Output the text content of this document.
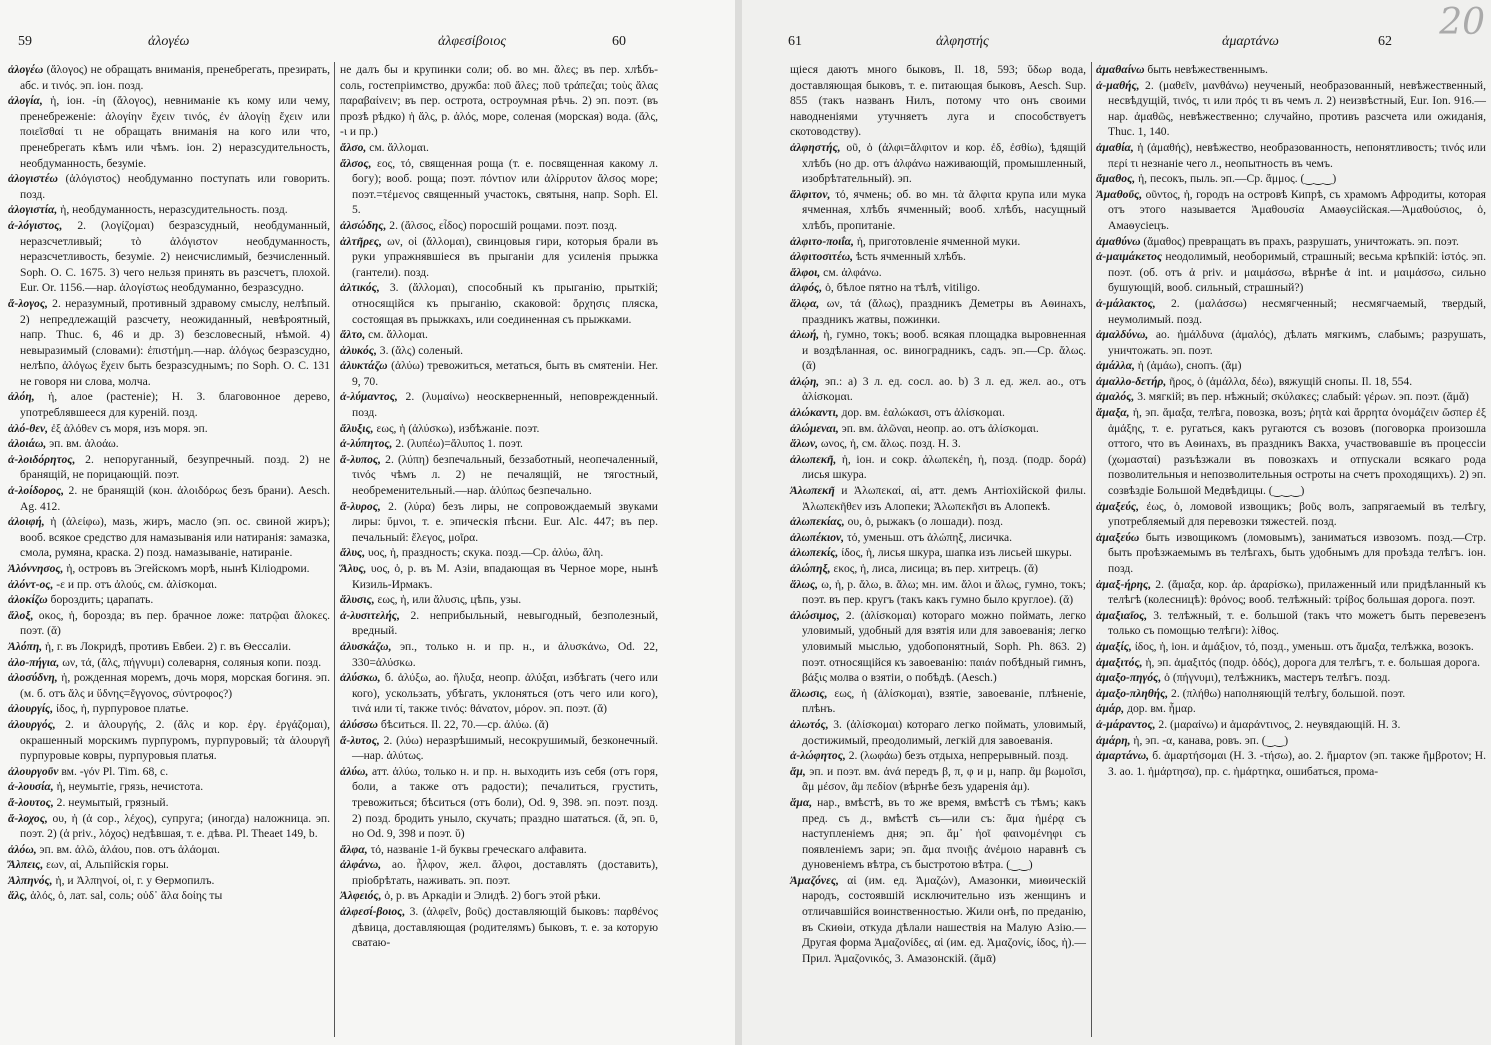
59	ἀλογέω	ἀλφεσίβοιος	60

ἀλογέω (ἄλογος) не обращать вниманія, пренебрегать, презирать, абс. и τινός. эп. іон. позд.

ἀλογία, ἡ, іон. -ίη (ἄλογος), невниманіе къ кому или чему, пренебреженіе: ἀλογίην ἔχειν τινός, ἐν ἀλογίῃ ἔχειν или ποιεῖσθαί τι не обращать вниманія на кого или что, пренебрегать кѣмъ или чѣмъ. іон. 2) неразсудительность, необдуманность, безуміе.

ἀλογιστέω (ἀλόγιστος) необдуманно поступать или говорить. позд.

ἀλογιστία, ἡ, необдуманность, неразсудительность. позд.

ἀ-λόγιστος, 2. (λογίζομαι) безразсудный, необдуманный, неразсчетливый; τὸ ἀλόγιστον необдуманность, неразсчетливость, безуміе. 2) неисчислимый, безчисленный. Soph. O. C. 1675. 3) чего нельзя принять въ разсчетъ, плохой. Eur. Or. 1156.—нар. ἀλογίστως необдуманно, безразсудно.

ἄ-λογος, 2. неразумный, противный здравому смыслу, нелѣпый. 2) непредлежащій разсчету, неожиданный, невѣроятный, напр. Thuc. 6, 46 и др. 3) безсловесный, нѣмой. 4) невыразимый (словами): ἐπιστήμη.—нар. ἀλόγως безразсудно, нелѣпо, ἀλόγως ἔχειν быть безразсуднымъ; по Soph. O. C. 131 не говоря ни слова, молча.

ἀλόη, ἡ, алое (растеніе); Н. З. благовонное дерево, употреблявшееся для куреній. позд.

ἁλό-θεν, ἐξ ἁλόθεν съ моря, изъ моря. эп.

ἀλοιάω, эп. вм. ἀλοάω.

ἀ-λοιδόρητος, 2. непоруганный, безупречный. позд. 2) не бранящій, не порицающій. поэт.

ἀ-λοίδορος, 2. не бранящій (кон. ἀλοιδόρως безъ брани). Aesch. Ag. 412.

ἀλοιφή, ἡ (ἀλείφω), мазь, жиръ, масло (эп. ос. свиной жиръ); вооб. всякое средство для намазыванія или натиранія: замазка, смола, румяна, краска. 2) позд. намазываніе, натираніе.

Ἀλόννησος, ἡ, островъ въ Эгейскомъ морѣ, нынѣ Кіліодроми.

ἁλόντ-ος, -ε и пр. отъ ἁλούς, см. ἁλίσκομαι.

ἀλοκίζω бороздить; царапать.

ἄλοξ, οκος, ἡ, борозда; въ пер. брачное ложе: πατρῷαι ἄλοκες. поэт. (ᾰ)

Ἀλόπη, ἡ, г. въ Локридѣ, противъ Евбеи. 2) г. въ Ѳессаліи.

ἁλο-πήγια, ων, τά, (ἅλς, πήγνυμι) солеварня, соляныя копи. позд.

ἁλοσύδνη, ἡ, рожденная моремъ, дочь моря, морская богиня. эп. (м. б. отъ ἅλς и ὕδνης=ἔγγονος, σύντροφος?)

ἀλουργίς, ίδος, ἡ, пурпуровое платье.

ἀλουργός, 2. и ἀλουργής, 2. (ἅλς и кор. ἐργ. ἐργάζομαι), окрашенный морскимъ пурпуромъ, пурпуровый; τὰ ἀλουργῆ пурпуровые ковры, пурпуровыя платья.

ἀλουργοῦν вм. -γόν Pl. Tim. 68, c.

ἀ-λουσία, ἡ, неумытіе, грязь, нечистота.

ἄ-λουτος, 2. неумытый, грязный.

ἄ-λοχος, ου, ἡ (ἀ cop., λέχος), супруга; (иногда) наложница. эп. поэт. 2) (ἀ priv., λόχος) недѣвшая, т. е. дѣва. Pl. Theaet 149, b.

ἀλόω, эп. вм. ἀλῶ, ἀλάου, пов. отъ ἀλάομαι.

Ἄλπεις, εων, αἱ, Альпійскія горы.

Ἀλπηνός, ἡ, и Ἀλπηνοί, οἱ, г. у Ѳермопилъ.

ἅλς, ἁλός, ὁ, лат. sal, соль; οὐδ᾽ ἅλα δοίης ты

не далъ бы и крупинки соли; об. во мн. ἅλες; въ пер. хлѣбъ-соль, гостепріимство, дружба: ποῦ ἅλες; ποῦ τράπεζαι; τοὺς ἅλας παραβαίνειν; въ пер. острота, остроумная рѣчь. 2) эп. поэт. (въ прозѣ рѣдко) ἡ ἅλς, р. ἁλός, море, соленая (морская) вода. (ἅλς, -ι и пр.)

ἄλσο, см. ἅλλομαι.

ἄλσος, εος, τό, священная роща (т. е. посвященная какому л. богу); вооб. роща; поэт. πόντιον или ἁλίρρυτον ἄλσος море; поэт.=τέμενος священный участокъ, святыня, напр. Soph. El. 5.

ἀλσώδης, 2. (ἄλσος, εἶδος) поросшій рощами. поэт. позд.

ἁλτῆρες, ων, οἱ (ἅλλομαι), свинцовыя гири, которыя брали въ руки упражнявшіеся въ прыганіи для усиленія прыжка (гантели). позд.

ἁλτικός, 3. (ἅλλομαι), способный къ прыганію, прыткій; относящійся къ прыганію, скаковой: ὄρχησις пляска, состоящая въ прыжкахъ, или соединенная съ прыжками.

ἄλτο, см. ἅλλομαι.

ἁλυκός, 3. (ἅλς) соленый.

ἀλυκτάζω (ἀλύω) тревожиться, метаться, быть въ смятеніи. Her. 9, 70.

ἀ-λύμαντος, 2. (λυμαίνω) неоскверненный, неповрежденный. позд.

ἄλυξις, εως, ἡ (ἀλύσκω), избѣжаніе. поэт.

ἀ-λύπητος, 2. (λυπέω)=ἄλυπος 1. поэт.

ἄ-λυπος, 2. (λύπη) безпечальный, беззаботный, неопечаленный, τινός чѣмъ л. 2) не печалящій, не тягостный, необременительный.—нар. ἀλύπως безпечально.

ἄ-λυρος, 2. (λύρα) безъ лиры, не сопровождаемый звуками лиры: ὕμνοι, т. е. эпическія пѣсни. Eur. Alc. 447; въ пер. печальный: ἔλεγος, μοῖρα.

ἄλυς, υος, ἡ, праздность; скука. позд.—Ср. ἀλύω, ἄλη.

Ἅλυς, υος, ὁ, р. въ М. Азіи, впадающая въ Черное море, нынѣ Кизиль-Ирмакъ.

ἅλυσις, εως, ἡ, или ἅλυσις, цѣпь, узы.

ἀ-λυσιτελής, 2. неприбыльный, невыгодный, безполезный, вредный.

ἀλυσκάζω, эп., только н. и пр. н., и ἀλυσκάνω, Od. 22, 330=ἀλύσκω.

ἀλύσκω, б. ἀλύξω, ао. ἤλυξα, неопр. ἀλύξαι, избѣгать (чего или кого), ускользать, убѣгать, уклоняться (отъ чего или кого), τινά или τί, также τινός: θάνατον, μόρον. эп. поэт. (ᾰ)

ἀλύσσω бѣситься. Il. 22, 70.—ср. ἀλύω. (ᾰ)

ἄ-λυτος, 2. (λύω) неразрѣшимый, несокрушимый, безконечный.—нар. ἀλύτως.

ἀλύω, атт. ἀλύω, только н. и пр. н. выходить изъ себя (отъ горя, боли, а также отъ радости); печалиться, грустить, тревожиться; бѣситься (отъ боли), Od. 9, 398. эп. поэт. позд. 2) позд. бродить уныло, скучать; праздно шататься. (ᾰ, эп. ῡ, но Od. 9, 398 и поэт. ῠ)

ἄλφα, τό, названіе 1-й буквы греческаго алфавита.

ἀλφάνω, ао. ἦλφον, жел. ἄλφοι, доставлять (доставить), пріобрѣтать, наживать. эп. поэт.

Ἀλφειός, ὁ, р. въ Аркадіи и Элидѣ. 2) богъ этой рѣки.

ἀλφεσί-βοιος, 3. (ἀλφεῖν, βοῦς) доставляющій быковъ: παρθένος дѣвица, доставляющая (родителямъ) быковъ, т. е. за которую сватаю-

61	ἀλφηστής	ἁμαρτάνω	62

щіеся даютъ много быковъ, Il. 18, 593; ὕδωρ вода, доставляющая быковъ, т. е. питающая быковъ, Aesch. Sup. 855 (такъ названъ Нилъ, потому что онъ своими наводненіями утучняетъ луга и способствуетъ скотоводству).

ἀλφηστής, οῦ, ὁ (ἀλφι=ἄλφιτον и кор. ἐδ, ἐσθίω), ѣдящій хлѣбъ (но др. отъ ἀλφάνω наживающій, промышленный, изобрѣтательный). эп.

ἄλφιτον, τό, ячмень; об. во мн. τὰ ἄλφιτα крупа или мука ячменная, хлѣбъ ячменный; вооб. хлѣбъ, насущный хлѣбъ, пропитаніе.

ἀλφιτο-ποιΐα, ἡ, приготовленіе ячменной муки.

ἀλφιτοσιτέω, ѣсть ячменный хлѣбъ.

ἄλφοι, см. ἀλφάνω.

ἀλφός, ὁ, бѣлое пятно на тѣлѣ, vitiligo.

ἅλῳα, ων, τά (ἅλως), праздникъ Деметры въ Аѳинахъ, праздникъ жатвы, пожинки.

ἀλωή, ἡ, гумно, токъ; вооб. всякая площадка выровненная и воздѣланная, ос. виноградникъ, садъ. эп.—Ср. ἅλως. (ᾰ)

ἀλῴη, эп.: а) 3 л. ед. сосл. ао. b) 3 л. ед. жел. ао., отъ ἁλίσκομαι.

ἀλώκαντι, дор. вм. ἑαλώκασι, отъ ἁλίσκομαι.

ἀλώμεναι, эп. вм. ἁλῶναι, неопр. ао. отъ ἁλίσκομαι.

ἅλων, ωνος, ἡ, см. ἅλως. позд. Н. З.

ἀλωπεκῆ, ἡ, іон. и сокр. ἀλωπεκέη, ἡ, позд. (подр. δορά) лисья шкура.

Ἀλωπεκῆ и Ἀλωπεκαί, αἱ, атт. демъ Антіохійской филы. Ἀλωπεκῆθεν изъ Алопеки; Ἀλωπεκῆσι въ Алопекѣ.

ἀλωπεκίας, ου, ὁ, рыжакъ (о лошади). позд.

ἀλωπέκιον, τό, уменьш. отъ ἀλώπηξ, лисичка.

ἀλωπεκίς, ίδος, ἡ, лисья шкура, шапка изъ лисьей шкуры.

ἀλώπηξ, εκος, ἡ, лиса, лисица; въ пер. хитрецъ. (ᾰ)

ἅλως, ω, ἡ, р. ἅλω, в. ἅλω; мн. им. ἅλοι и ἅλως, гумно, токъ; поэт. въ пер. кругъ (такъ какъ гумно было круглое). (ᾰ)

ἀλώσιμος, 2. (ἁλίσκομαι) котораго можно поймать, легко уловимый, удобный для взятія или для завоеванія; легко уловимый мыслью, удобопонятный, Soph. Ph. 863. 2) поэт. относящійся къ завоеванію: παιάν побѣдный гимнъ, βάξις молва о взятіи, о побѣдѣ. (Aesch.)

ἅλωσις, εως, ἡ (ἁλίσκομαι), взятіе, завоеваніе, плѣненіе, плѣнъ.

ἁλωτός, 3. (ἁλίσκομαι) котораго легко поймать, уловимый, достижимый, преодолимый, легкій для завоеванія.

ἀ-λώφητος, 2. (λωφάω) безъ отдыха, непрерывный. позд.

ἄμ, эп. и поэт. вм. ἀνά передъ β, π, φ и μ, напр. ἂμ βωμοῖσι, ἂμ μέσον, ἂμ πεδίον (вѣрнѣе безъ ударенія ἀμ).

ἅμα, нар., вмѣстѣ, въ то же время, вмѣстѣ съ тѣмъ; какъ пред. съ д., вмѣстѣ съ—или съ: ἅμα ἡμέρᾳ съ наступленіемъ дня; эп. ἅμ᾽ ἠοῖ φαινομένηφι съ появленіемъ зари; эп. ἅμα πνοιῇς ἀνέμοιο наравнѣ съ дуновеніемъ вѣтра, съ быстротою вѣтра. (‿‿)

Ἀμαζόνες, αἱ (им. ед. Ἀμαζών), Амазонки, миѳическій народъ, состоявшій исключительно изъ женщинъ и отличавшійся воинственностью. Жили онѣ, по преданію, въ Скиѳіи, откуда дѣлали нашествія на Малую Азію.—Другая форма Ἀμαζονίδες, αἱ (им. ед. Ἀμαζονίς, ίδος, ἡ).—Прил. Ἀμαζονικός, 3. Амазонскій. (ᾰμᾱ)

ἀμαθαίνω быть невѣжественнымъ.

ἀ-μαθής, 2. (μαθεῖν, μανθάνω) неученый, необразованный, невѣжественный, несвѣдущій, τινός, τι или πρός τι въ чемъ л. 2) неизвѣстный, Eur. Ion. 916.—нар. ἀμαθῶς, невѣжественно; случайно, противъ разсчета или ожиданія, Thuc. 1, 140.

ἀμαθία, ἡ (ἀμαθής), невѣжество, необразованность, непонятливость; τινός или περί τι незнаніе чего л., неопытность въ чемъ.

ἄμαθος, ἡ, песокъ, пыль. эп.—Ср. ἄμμος. (‿‿‿)

Ἀμαθοῦς, οῦντος, ἡ, городъ на островѣ Кипрѣ, съ храмомъ Афродиты, которая отъ этого называется Ἀμαθουσία Амаѳусійская.—Ἀμαθούσιος, ὁ, Амаѳусіецъ.

ἀμαθύνω (ἄμαθος) превращать въ прахъ, разрушать, уничтожать. эп. поэт.

ἀ-μαιμάκετος неодолимый, необоримый, страшный; весьма крѣпкій: ἱστός. эп. поэт. (об. отъ ἀ priv. и μαιμάσσω, вѣрнѣе ἀ int. и μαιμάσσω, сильно бушующій, вооб. сильный, страшный?)

ἀ-μάλακτος, 2. (μαλάσσω) несмягченный; несмягчаемый, твердый, неумолимый. позд.

ἀμαλδύνω, ао. ἠμάλδυνα (ἀμαλός), дѣлать мягкимъ, слабымъ; разрушать, уничтожать. эп. поэт.

ἀμάλλα, ἡ (ἀμάω), снопъ. (ᾰμ)

ἀμαλλο-δετήρ, ῆρος, ὁ (ἀμάλλα, δέω), вяжущій снопы. Il. 18, 554.

ἀμαλός, 3. мягкій; въ пер. нѣжный; σκύλακες; слабый: γέρων. эп. поэт. (ᾰμᾰ)

ἅμαξα, ἡ, эп. ἄμαξα, телѣга, повозка, возъ; ῥητὰ καὶ ἄρρητα ὀνομάζειν ὥσπερ ἐξ ἁμάξης, т. е. ругаться, какъ ругаются съ возовъ (поговорка произошла оттого, что въ Аѳинахъ, въ праздникъ Вакха, участвовавшіе въ процессіи (χωμασταί) разъѣзжали въ повозкахъ и отпускали всякаго рода позволительныя и непозволительныя остроты на счетъ проходящихъ). 2) эп. созвѣздіе Большой Медвѣдицы. (‿‿‿)

ἁμαξεύς, έως, ὁ, ломовой извощикъ; βοῦς волъ, запрягаемый въ телѣгу, употребляемый для перевозки тяжестей. позд.

ἁμαξεύω быть извощикомъ (ломовымъ), заниматься извозомъ. позд.—Стр. быть проѣзжаемымъ въ телѣгахъ, быть удобнымъ для проѣзда телѣгъ. іон. позд.

ἁμαξ-ήρης, 2. (ἅμαξα, кор. ἀρ. ἀραρίσκω), прилаженный или придѣланный къ телѣгѣ (колесницѣ): θρόνος; вооб. телѣжный: τρίβος большая дорога. поэт.

ἁμαξιαῖος, 3. телѣжный, т. е. большой (такъ что можетъ быть перевезенъ только съ помощью телѣги): λίθος.

ἁμαξίς, ίδος, ἡ, іон. и ἁμάξιον, τό, позд., уменьш. отъ ἅμαξα, телѣжка, возокъ.

ἁμαξιτός, ἡ, эп. ἀμαξιτός (подр. ὁδός), дорога для телѣгъ, т. е. большая дорога.

ἁμαξο-πηγός, ὁ (πήγνυμι), телѣжникъ, мастеръ телѣгъ. позд.

ἁμαξο-πληθής, 2. (πλήθω) наполняющій телѣгу, большой. поэт.

ἁμάρ, дор. вм. ἦμαρ.

ἀ-μάραντος, 2. (μαραίνω) и ἀμαράντινος, 2. неувядающій. Н. З.

ἀμάρη, ἡ, эп. -α, канава, ровъ. эп. (‿‿)

ἁμαρτάνω, б. ἁμαρτήσομαι (Н. З. -τήσω), ао. 2. ἥμαρτον (эп. также ἤμβροτον; Н. З. ао. 1. ἡμάρτησα), пр. с. ἡμάρτηκα, ошибаться, прома-

20
